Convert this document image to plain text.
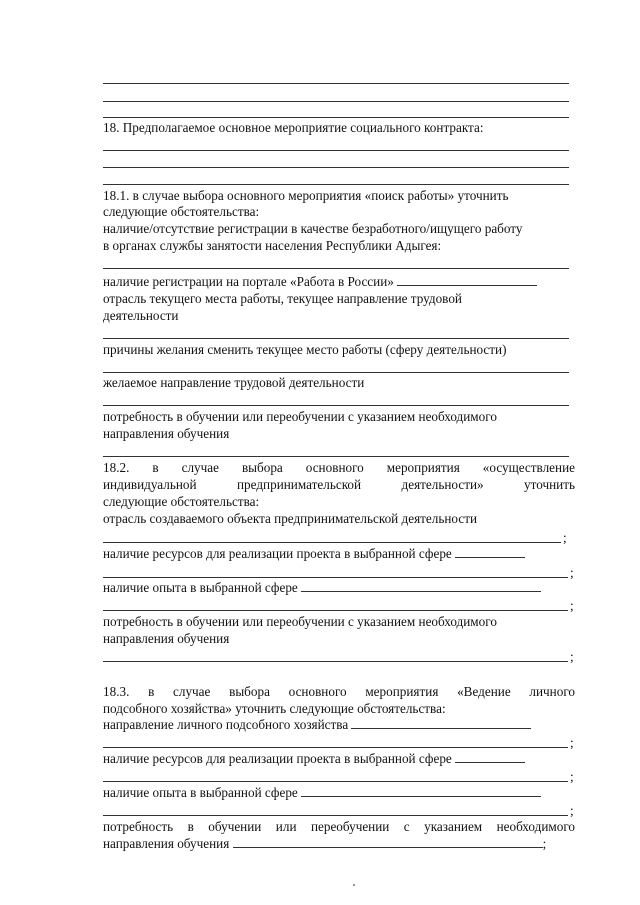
18. Предполагаемое основное мероприятие социального контракта:
18.1. в случае выбора основного мероприятия «поиск работы» уточнить
следующие обстоятельства:
наличие/отсутствие регистрации в качестве безработного/ищущего работу
в органах службы занятости населения Республики Адыгея:
наличие регистрации на портале «Работа в России»
отрасль текущего места работы, текущее направление трудовой
деятельности
причины желания сменить текущее место работы (сферу деятельности)
желаемое направление трудовой деятельности
потребность в обучении или переобучении с указанием необходимого
направления обучения
18.2. в случае выбора основного мероприятия «осуществление
индивидуальной предпринимательской деятельности» уточнить
следующие обстоятельства:
отрасль создаваемого объекта предпринимательской деятельности
;
наличие ресурсов для реализации проекта в выбранной сфере
;
наличие опыта в выбранной сфере
;
потребность в обучении или переобучении с указанием необходимого
направления обучения
;
18.3. в случае выбора основного мероприятия «Ведение личного
подсобного хозяйства» уточнить следующие обстоятельства:
направление личного подсобного хозяйства
;
наличие ресурсов для реализации проекта в выбранной сфере
;
наличие опыта в выбранной сфере
;
потребность в обучении или переобучении с указанием необходимого
направления обучения	;
